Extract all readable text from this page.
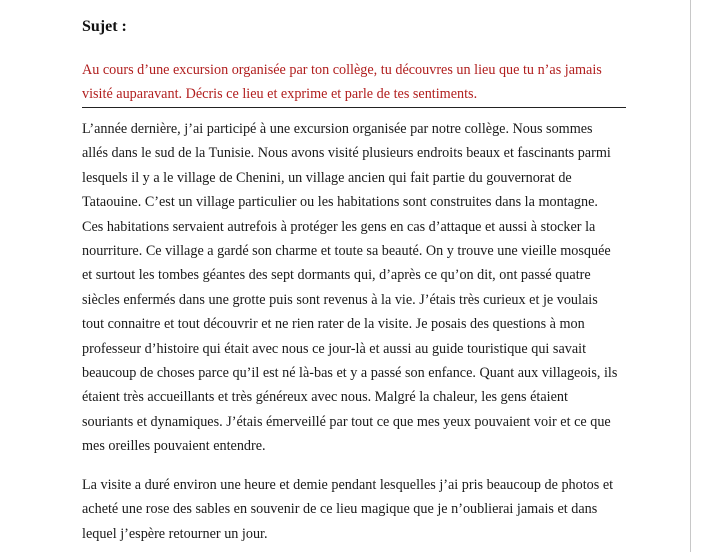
Sujet :

Au cours d’une excursion organisée par ton collège, tu découvres un lieu que tu n’as jamais
visité auparavant. Décris ce lieu et exprime et parle de tes sentiments.

L’année dernière, j’ai participé à une excursion organisée par notre collège. Nous sommes
allés dans le sud de la Tunisie. Nous avons visité plusieurs endroits beaux et fascinants parmi
lesquels il y a le village de Chenini, un village ancien qui fait partie du gouvernorat de
Tataouine. C’est un village particulier ou les habitations sont construites dans la montagne.
Ces habitations servaient autrefois à protéger les gens en cas d’attaque et aussi à stocker la
nourriture. Ce village a gardé son charme et toute sa beauté. On y trouve une vieille mosquée
et surtout les tombes géantes des sept dormants qui, d’après ce qu’on dit, ont passé quatre
siècles enfermés dans une grotte puis sont revenus à la vie. J’étais très curieux et je voulais
tout connaitre et tout découvrir et ne rien rater de la visite. Je posais des questions à mon
professeur d’histoire qui était avec nous ce jour-là et aussi au guide touristique qui savait
beaucoup de choses parce qu’il est né là-bas et y a passé son enfance. Quant aux villageois, ils
étaient très accueillants et très généreux avec nous. Malgré la chaleur, les gens étaient
souriants et dynamiques. J’étais émerveillé par tout ce que mes yeux pouvaient voir et ce que
mes oreilles pouvaient entendre.

La visite a duré environ une heure et demie pendant lesquelles j’ai pris beaucoup de photos et
acheté une rose des sables en souvenir de ce lieu magique que je n’oublierai jamais et dans
lequel j’espère retourner un jour.
